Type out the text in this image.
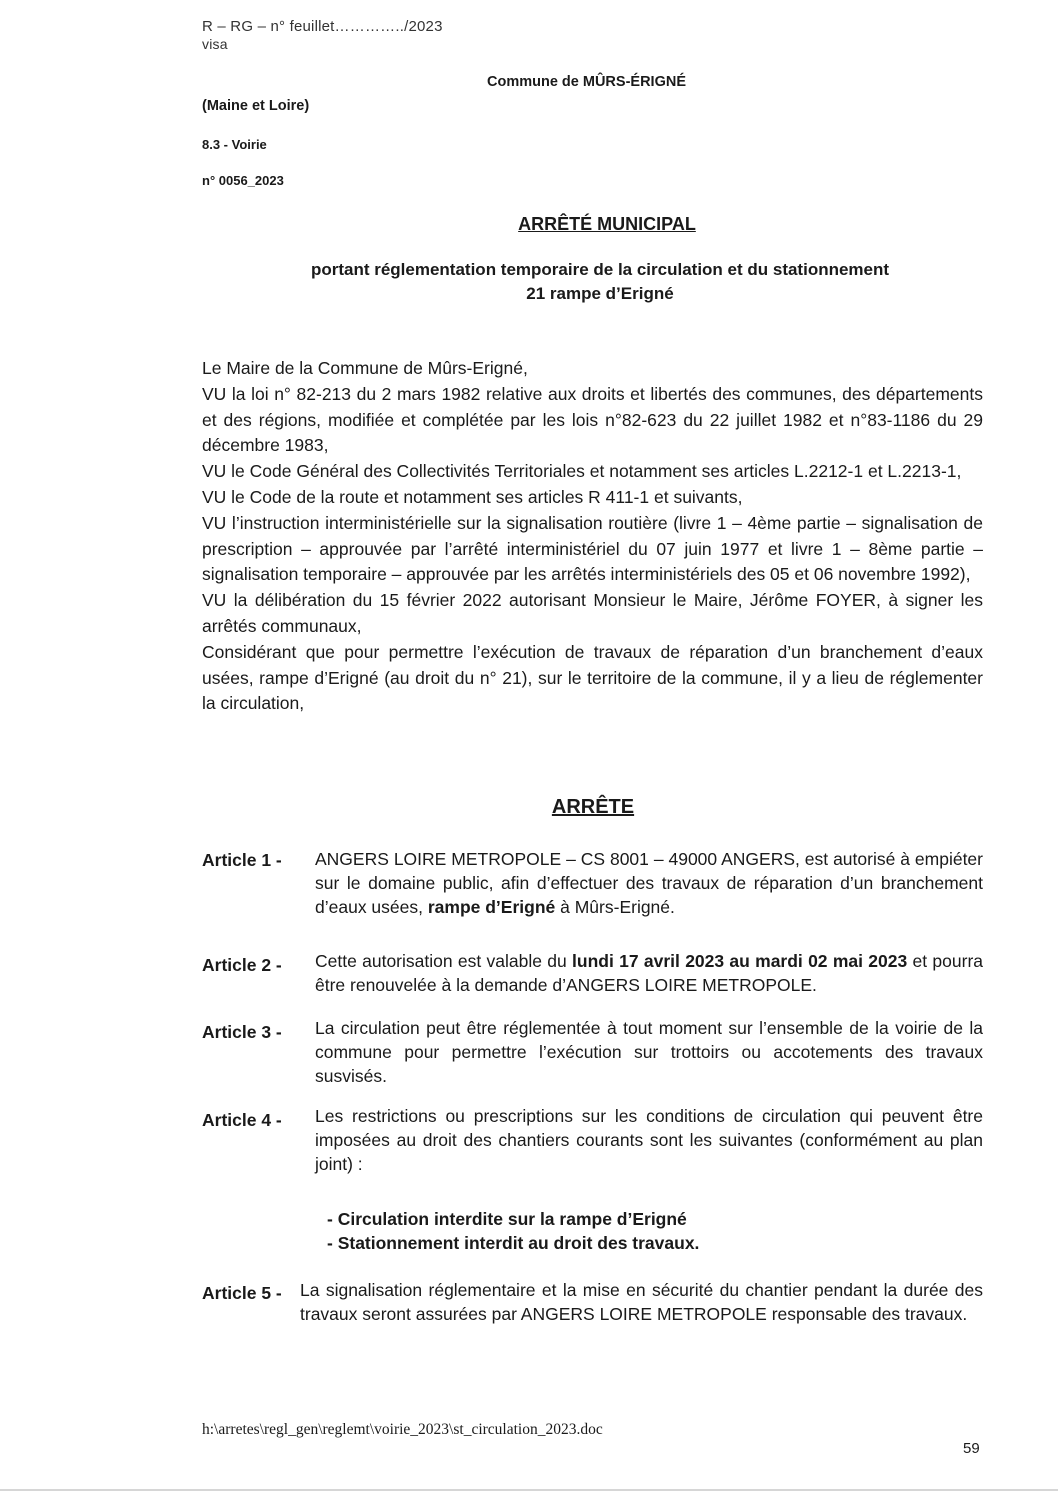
R – RG – n° feuillet…………../2023
visa
Commune de MÛRS-ÉRIGNÉ
(Maine et Loire)
8.3 - Voirie
n° 0056_2023
ARRÊTÉ MUNICIPAL
portant réglementation temporaire de la circulation et du stationnement
21 rampe d’Erigné

Le Maire de la Commune de Mûrs-Erigné,

VU la loi n° 82-213 du 2 mars 1982 relative aux droits et libertés des communes, des départements et des régions, modifiée et complétée par les lois n°82-623 du 22 juillet 1982 et n°83-1186 du 29 décembre 1983,

VU le Code Général des Collectivités Territoriales et notamment ses articles L.2212-1 et L.2213-1,

VU le Code de la route et notamment ses articles R 411-1 et suivants,

VU l’instruction interministérielle sur la signalisation routière (livre 1 – 4ème partie – signalisation de prescription – approuvée par l’arrêté interministériel du 07 juin 1977 et livre 1 – 8ème partie – signalisation temporaire – approuvée par les arrêtés interministériels des 05 et 06 novembre 1992),

VU la délibération du 15 février 2022 autorisant Monsieur le Maire, Jérôme FOYER, à signer les arrêtés communaux,

Considérant que pour permettre l’exécution de travaux de réparation d’un branchement d’eaux usées, rampe d’Erigné (au droit du n° 21), sur le territoire de la commune, il y a lieu de réglementer la circulation,

ARRÊTE
Article 1 - ANGERS LOIRE METROPOLE – CS 8001 – 49000 ANGERS, est autorisé à empiéter sur le domaine public, afin d’effectuer des travaux de réparation d’un branchement d’eaux usées, rampe d’Erigné à Mûrs-Erigné.
Article 2 - Cette autorisation est valable du lundi 17 avril 2023 au mardi 02 mai 2023 et pourra être renouvelée à la demande d’ANGERS LOIRE METROPOLE.
Article 3 - La circulation peut être réglementée à tout moment sur l’ensemble de la voirie de la commune pour permettre l’exécution sur trottoirs ou accotements des travaux susvisés.
Article 4 - Les restrictions ou prescriptions sur les conditions de circulation qui peuvent être imposées au droit des chantiers courants sont les suivantes (conformément au plan joint) :
- Circulation interdite sur la rampe d’Erigné
- Stationnement interdit au droit des travaux.
Article 5 - La signalisation réglementaire et la mise en sécurité du chantier pendant la durée des travaux seront assurées par ANGERS LOIRE METROPOLE responsable des travaux.
h:\arretes\regl_gen\reglemt\voirie_2023\st_circulation_2023.doc
59
